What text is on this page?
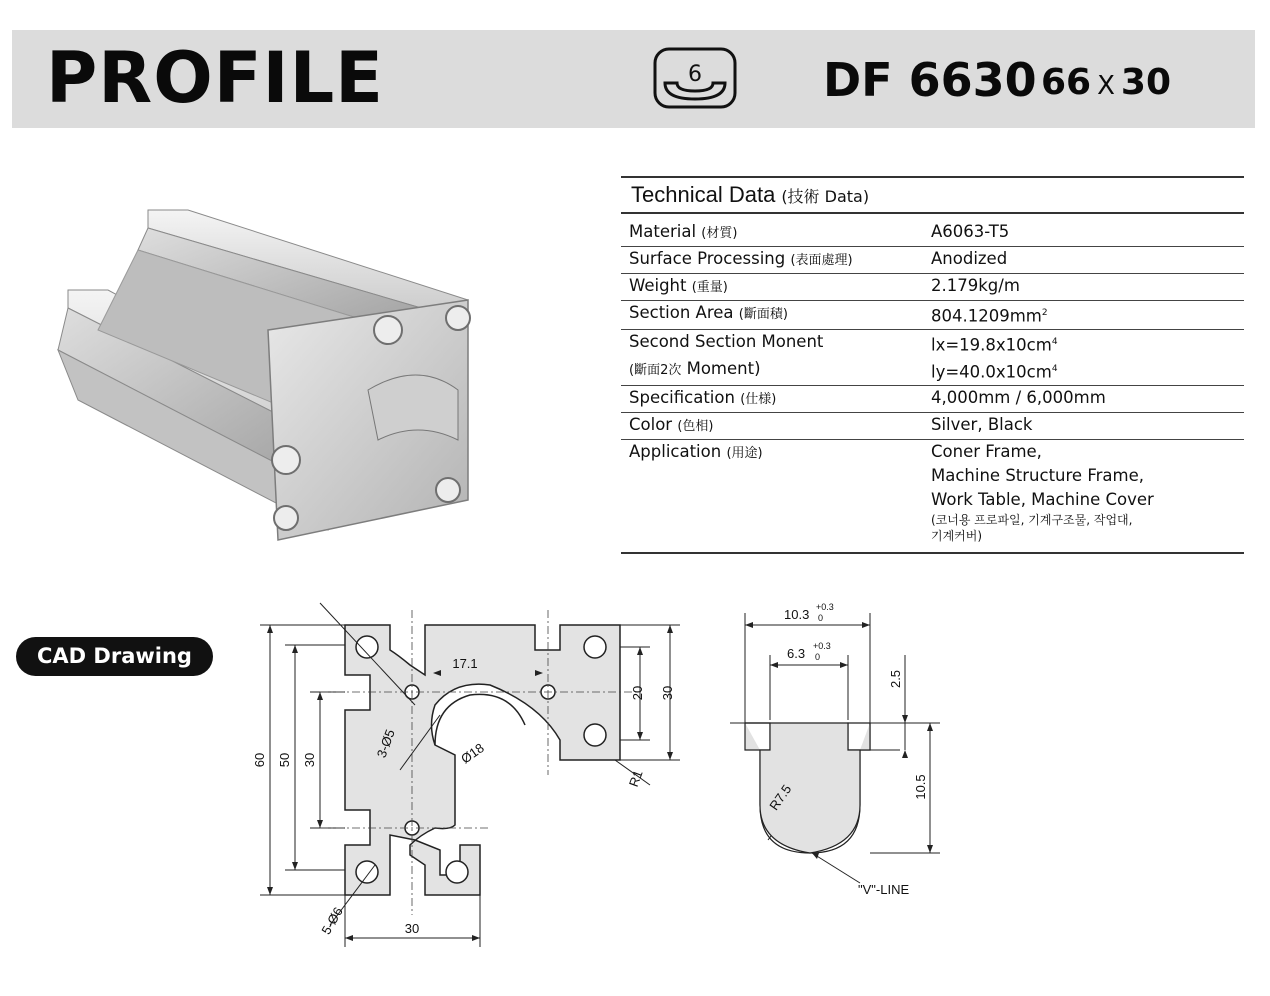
PROFILE	6	DF 6630 66 X 30
Technical Data (技術 Data)
Material (材質)	A6063-T5
Surface Processing (表面處理)	Anodized
Weight (重量)	2.179kg/m
Section Area (斷面積)	$804.1209mm^2$
Second Section Monent	$lx=19.8x10cm^4$
(斷面2次 Moment)	$ly=40.0x10cm^4$
Specification (仕様)	4,000mm / 6,000mm
Color (色相)	Silver, Black
Application (用途)	Coner Frame,
Machine Structure Frame,
Work Table, Machine Cover
(코너용 프로파일, 기계구조물, 작업대,
기계커버)
CAD Drawing	17.1
20 30
60 50 30
3-Ø5	Ø18
R1
5-Ø6	30
10.3 +0.3
0
6.3 +0.3
0
2.5
10.5
R7.5
"V"-LINE
